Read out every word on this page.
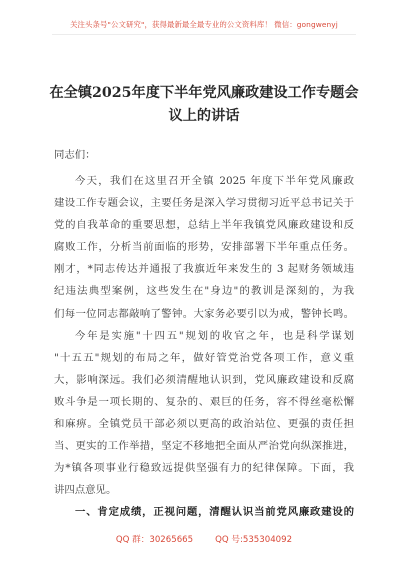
关注头条号"公文研究"，获得最新最全最专业的公文资料库！ 微信：gongwenyj
在全镇2025年度下半年党风廉政建设工作专题会
议上的讲话
同志们：
今天，我们在这里召开全镇 2025 年度下半年党风廉政
建设工作专题会议，主要任务是深入学习贯彻习近平总书记关于
党的自我革命的重要思想，总结上半年我镇党风廉政建设和反
腐败工作，分析当前面临的形势，安排部署下半年重点任务。
刚才，*同志传达并通报了我旗近年来发生的 3 起财务领域违
纪违法典型案例，这些发生在"身边"的教训是深刻的，为我
们每一位同志都敲响了警钟。大家务必要引以为戒，警钟长鸣。
今年是实施"十四五"规划的收官之年，也是科学谋划
"十五五"规划的布局之年，做好管党治党各项工作，意义重
大，影响深远。我们必须清醒地认识到，党风廉政建设和反腐
败斗争是一项长期的、复杂的、艰巨的任务，容不得丝毫松懈
和麻痹。全镇党员干部必须以更高的政治站位、更强的责任担
当、更实的工作举措，坚定不移地把全面从严治党向纵深推进，
为*镇各项事业行稳致远提供坚强有力的纪律保障。下面，我
讲四点意见。
一、肯定成绩，正视问题，清醒认识当前党风廉政建设的
QQ 群：30265665	QQ 号:535304092
